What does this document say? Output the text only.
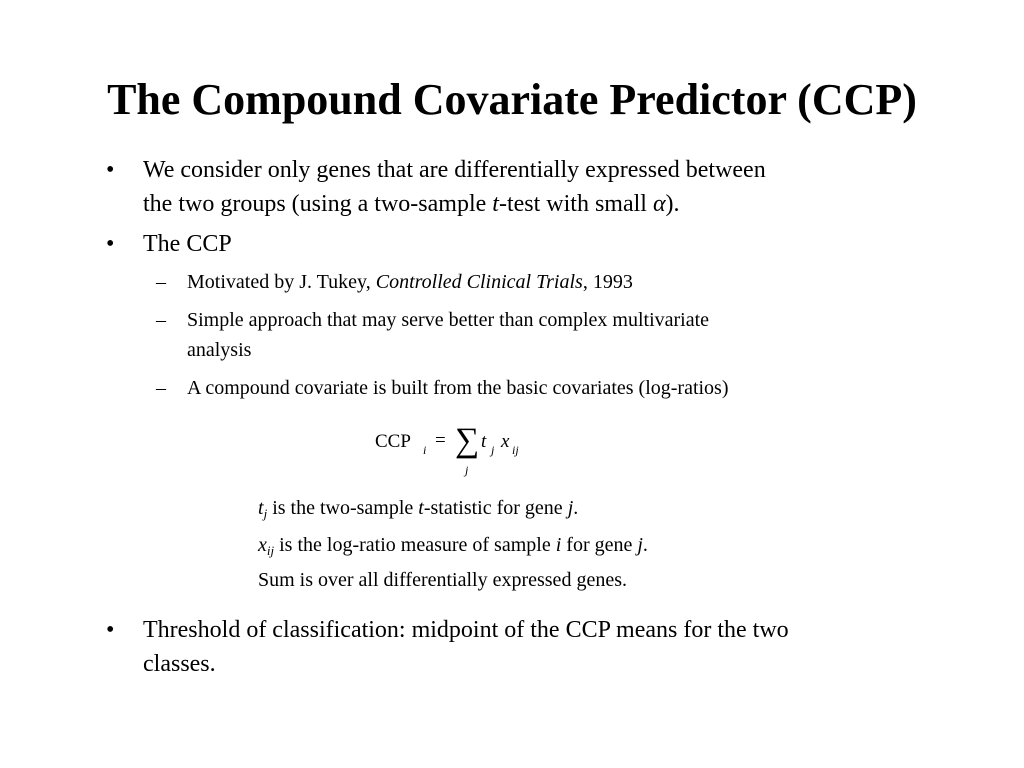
The Compound Covariate Predictor (CCP)

• We consider only genes that are differentially expressed between
the two groups (using a two-sample t-test with small α).

• The CCP

– Motivated by J. Tukey, Controlled Clinical Trials, 1993

– Simple approach that may serve better than complex multivariate
analysis

– A compound covariate is built from the basic covariates (log-ratios)

CCP i = ∑
j
t j x ij

$t_j$ is the two-sample t-statistic for gene j.

$x_{ij}$ is the log-ratio measure of sample i for gene j.

Sum is over all differentially expressed genes.

• Threshold of classification: midpoint of the CCP means for the two
classes.
